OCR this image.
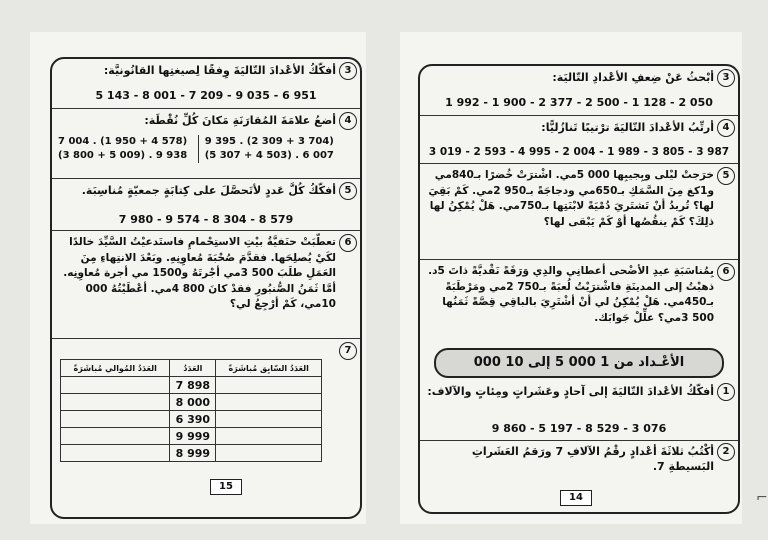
3
أفكّكُ الأعْدادَ التّاليَةَ وِفقًا لِصيغتِها القانُونيَّة:
5 143 - 8 001 - 7 209 - 9 035 - 6 951
4
أضعُ علامَةَ المُقارَنَةِ مَكانَ كُلِّ نُقْطَة:
7 004 . (1 950 + 4 578)
(3 800 + 5 009) . 9 938
9 395 . (2 309 + 3 704)
(5 307 + 4 503) . 6 007
5
أفكّكُ كُلَّ عَددٍ لأتَحصَّلَ على كِتابَةٍ جمعيّةٍ مُناسِبَة.
7 980 - 9 574 - 8 304 - 8 579
6
تعطّبَتْ حنَفيَّةُ بيْتِ الاستِحْمامِ فاستَدعيْتُ السَّيِّدَ خالدًا لكَيْ يُصلِحَها. فقدَّمَ صُحْبَةَ مُعاوِنِهِ. وبَعْدَ الانتِهاءِ مِنَ العَمَلِ طلَبَ 500 3مي أجْرتَهُ و1500 مي أجرة مُعاوِنِه. أمَّا ثَمَنُ الصُّنبُورِ فقدْ كانَ 800 4مي. أعْطَيْتُهُ 000 10مي، كَمْ أرْجِعُ لي؟
7
العَدَدُ المُوالي مُباشَرَةً	العَدَدُ	العَدَدُ السّابِق مُباشَرَةً
	7 898	
	8 000	
	6 390	
	9 999	
	8 999	
15
3
أبْحثُ عَنْ ضِعفِ الأعْدادِ التّاليَة:
1 992 - 1 900 - 2 377 - 2 500 - 1 128 - 2 050
4
أرتِّبُ الأعْدادَ التّاليَةَ ترْتيبًا تَنازُليًّا:
3 019 - 2 593 - 4 995 - 2 004 - 1 989 - 3 805 - 3 987
5
خرَجتْ ليْلى وبِجيبِها 000 5مي. اشْترَتْ خُضرًا بـ840مي و1كغ مِنَ السَّمَكِ بـ650مي ودجاجَةً بـ950 2مي. كَمْ بَقِيَ لها؟ تُريدُ أنْ تَشتَريَ دُمْيَةً لابْنَتِها بـ750مي. هَلْ يُمْكِنُ لها ذلِكَ؟ كَمْ ينقُصُها أوْ كَمْ يَبْقى لها؟
6
بِمُناسَبَةِ عيدِ الأضْحى أعطانِي والدِي وَرَقَةً نَقْديَّةً ذاتَ 5د. ذهبْتُ إلى المدينَةِ فاشْترَيْتُ لُعبَةً بـ750 2مي ومَرْطَبَةً بـ450مي. هَلْ يُمْكِنُ لي أنْ أشْتَرِيَ بالباقِي قِصَّةً ثَمَنُها 500 3مي؟ علِّلْ جَوابَك.
الأعْـداد من 1 000 5 إلى 10 000
1
أفكّكُ الأعْدادَ التّاليَةَ إلى آحادٍ وعَشَراتٍ ومِئاتٍ والآلاف:
9 860 - 5 197 - 8 529 - 3 076
2
أكْتُبُ ثلاثَةَ أعْدادٍ رقْمُ الآلافِ 7 ورَقمُ العَشَراتِ البَسيطةِ 7.
14	⌐
